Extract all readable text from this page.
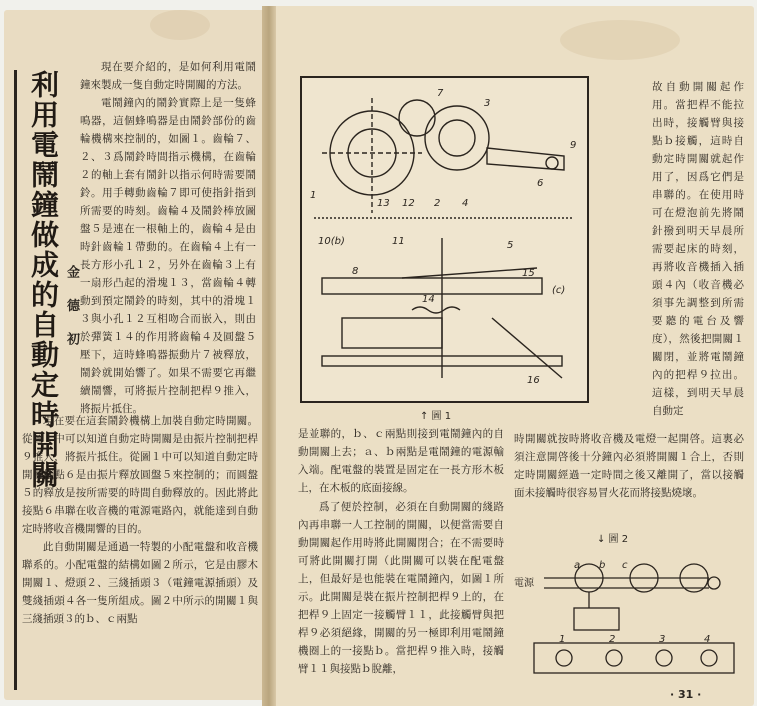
利用電鬧鐘做成的自動定時開關 金 德 初

現在要介紹的，是如何利用電鬧鐘來製成一隻自動定時開關的方法。

電鬧鐘內的鬧鈴實際上是一隻蜂鳴器，這個蜂鳴器是由鬧鈴部份的齒輪機構來控制的，如圖１。齒輪７、２、３爲鬧鈴時間指示機構，在齒輪２的軸上套有鬧針以指示何時需要鬧鈴。用手轉動齒輪７即可使指針指到所需要的時刻。齒輪４及鬧鈴棒放圖盤５是連在一根軸上的，齒輪４是由時針齒輪１帶動的。在齒輪４上有一長方形小孔１２，另外在齒輪３上有一扇形凸起的滑塊１３，當齒輪４轉動到預定鬧鈴的時刻，其中的滑塊１３與小孔１２互相吻合而嵌入，則由於彈簧１４的作用將齒輪４及圓盤５壓下，這時蜂鳴器振動片７被釋放，鬧鈴就開始響了。如果不需要它再繼續鬧響，可將振片控制把桿９推入，將振片抵住。

現在要在這套鬧鈴機構上加裝自動定時開關。從圖１中可以知道自動定時開關是由振片控制把桿９推入，將振片抵住。從圖１中可以知道自動定時開關接點６是由振片釋放圓盤５來控制的；而圓盤５的釋放是按所需要的時間自動釋放的。因此將此接點６串聯在收音機的電源電路內，就能達到自動定時將收音機開響的目的。

此自動開關是通過一特製的小配電盤和收音機聯系的。小配電盤的結構如圖２所示，它是由膠木開關１、燈頭２、三綫插頭３（電鐘電源插頭）及雙綫插頭４各一隻所組成。圖２中所示的開關１與三綫插頭３的ｂ、ｃ兩點

1
2
3
4
5
6
7
8
9
10(b)	11
12
13
14
15
16
(c)
↑ 圖 1

故自動開關起作用。當把桿不能拉出時，接觸臂與接點ｂ接觸，這時自動定時開關就起作用了，因爲它們是串聯的。在使用時可在燈泡前先將鬧針撥到明天早晨所需要起床的時刻，再將收音機插入插頭４內（收音機必須事先調整到所需要聽的電台及響度），然後把開關１關閉，並將電鬧鐘內的把桿９拉出。這樣，到明天早晨自動定

是並聯的，ｂ、ｃ兩點則接到電鬧鐘內的自動開關上去；ａ、ｂ兩點是電鬧鐘的電源輸入端。配電盤的裝置是固定在一長方形木板上，在木板的底面接線。

爲了便於控制，必須在自動開關的綫路內再串聯一人工控制的開關，以便當需要自動開關起作用時將此開關閉合；在不需要時可將此開關打開（此開關可以裝在配電盤上，但最好是也能裝在電鬧鐘內，如圖１所示。此開關是裝在振片控制把桿９上的，在把桿９上固定一接觸臂１１，此接觸臂與把桿９必須絕緣，開關的另一極即利用電鬧鐘機圈上的一接點ｂ。當把桿９推入時，接觸臂１１與接點ｂ脫離，

時開關就按時將收音機及電燈一起開啓。這裏必須注意開啓後十分鐘內必須將開關１合上，否則定時開關經過一定時間之後又離開了，當以接觸面未接觸時很容易冒火花而將接點燒壞。

↓ 圖 2
電源
1	2	3	4
a b c
· 31 ·
